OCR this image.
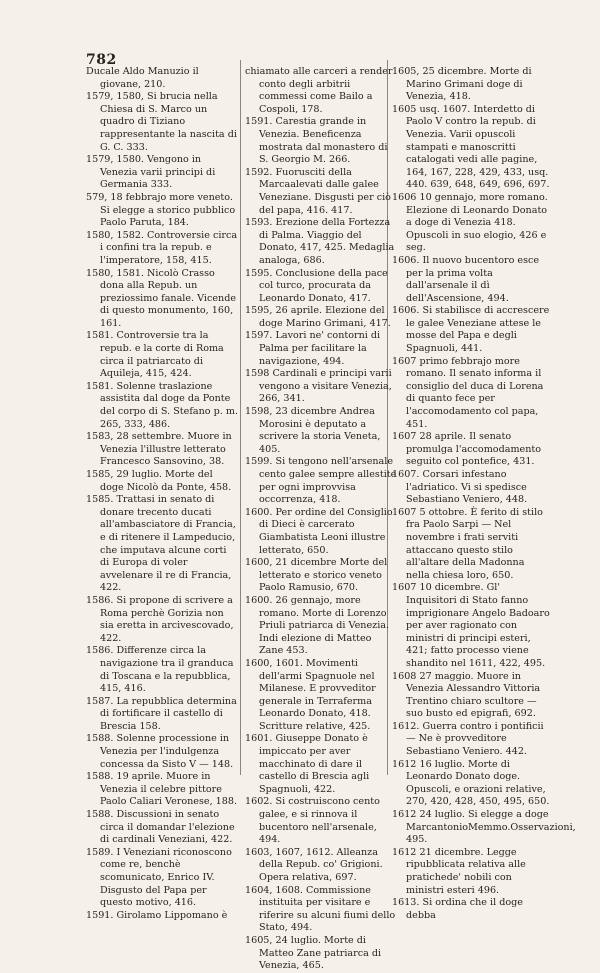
782

Ducale Aldo Manuzio il giovane, 210.

1579, 1580, Si brucia nella Chiesa di S. Marco un quadro di Tiziano rappresentante la nascita di G. C. 333.

1579, 1580. Vengono in Venezia varii principi di Germania 333.

579, 18 febbrajo more veneto. Si elegge a storico pubblico Paolo Paruta, 184.

1580, 1582. Controversie circa i confini tra la repub. e l'imperatore, 158, 415.

1580, 1581. Nicolò Crasso dona alla Repub. un preziossimo fanale. Vicende di questo monumento, 160, 161.

1581. Controversie tra la repub. e la corte di Roma circa il patriarcato di Aquileja, 415, 424.

1581. Solenne traslazione assistita dal doge da Ponte del corpo di S. Stefano p. m. 265, 333, 486.

1583, 28 settembre. Muore in Venezia l'illustre letterato Francesco Sansovino, 38.

1585, 29 luglio. Morte del doge Nicolò da Ponte, 458.

1585. Trattasi in senato di donare trecento ducati all'ambasciatore di Francia, e di ritenere il Lampeducio, che imputava alcune corti di Europa di voler avvelenare il re di Francia, 422.

1586. Si propone di scrivere a Roma perchè Gorizia non sia eretta in arcivescovado, 422.

1586. Differenze circa la navigazione tra il granduca di Toscana e la repubblica, 415, 416.

1587. La repubblica determina di fortificare il castello di Brescia 158.

1588. Solenne processione in Venezia per l'indulgenza concessa da Sisto V — 148.

1588. 19 aprile. Muore in Venezia il celebre pittore Paolo Caliari Veronese, 188.

1588. Discussioni in senato circa il domandar l'elezione di cardinali Veneziani, 422.

1589. I Veneziani riconoscono come re, benchè scomunicato, Enrico IV. Disgusto del Papa per questo motivo, 416.

1591. Girolamo Lippomano è

chiamato alle carceri a render conto degli arbitrii commessi come Bailo a Cospoli, 178.

1591. Carestia grande in Venezia. Beneficenza mostrata dal monastero di S. Georgio M. 266.

1592. Fuorusciti della Marcaalevati dalle galee Veneziane. Disgusti per ciò del papa, 416. 417.

1593. Erezione della Fortezza di Palma. Viaggio del Donato, 417, 425. Medaglia analoga, 686.

1595. Conclusione della pace col turco, procurata da Leonardo Donato, 417.

1595, 26 aprile. Elezione del doge Marino Grimani, 417.

1597. Lavori ne' contorni di Palma per facilitare la navigazione, 494.

1598 Cardinali e principi varii vengono a visitare Venezia, 266, 341.

1598, 23 dicembre Andrea Morosini è deputato a scrivere la storia Veneta, 405.

1599. Si tengono nell'arsenale cento galee sempre allestite per ogni improvvisa occorrenza, 418.

1600. Per ordine del Consiglio di Dieci è carcerato Giambatista Leoni illustre letterato, 650.

1600, 21 dicembre Morte del letterato e storico veneto Paolo Ramusio, 670.

1600. 26 gennajo, more romano. Morte di Lorenzo Priuli patriarca di Venezia. Indi elezione di Matteo Zane 453.

1600, 1601. Movimenti dell'armi Spagnuole nel Milanese. E provveditor generale in Terraferma Leonardo Donato, 418. Scritture relative, 425.

1601. Giuseppe Donato è impiccato per aver macchinato di dare il castello di Brescia agli Spagnuoli, 422.

1602. Si costruiscono cento galee, e si rinnova il bucentoro nell'arsenale, 494.

1603, 1607, 1612. Alleanza della Repub. co' Grigioni. Opera relativa, 697.

1604, 1608. Commissione instituita per visitare e riferire su alcuni fiumi dello Stato, 494.

1605, 24 luglio. Morte di Matteo Zane patriarca di Venezia, 465.

1605, 25 dicembre. Morte di Marino Grimani doge di Venezia, 418.

1605 usq. 1607. Interdetto di Paolo V contro la repub. di Venezia. Varii opuscoli stampati e manoscritti catalogati vedi alle pagine, 164, 167, 228, 429, 433, usq. 440. 639, 648, 649, 696, 697.

1606 10 gennajo, more romano. Elezione di Leonardo Donato a doge di Venezia 418. Opuscoli in suo elogio, 426 e seg.

1606. Il nuovo bucentoro esce per la prima volta dall'arsenale il dì dell'Ascensione, 494.

1606. Si stabilisce di accrescere le galee Veneziane attese le mosse del Papa e degli Spagnuoli, 441.

1607 primo febbrajo more romano. Il senato informa il consiglio del duca di Lorena di quanto fece per l'accomodamento col papa, 451.

1607 28 aprile. Il senato promulga l'accomodamento seguito col pontefice, 431.

1607. Corsari infestano l'adriatico. Vi si spedisce Sebastiano Veniero, 448.

1607 5 ottobre. È ferito di stilo fra Paolo Sarpi — Nel novembre i frati serviti attaccano questo stilo all'altare della Madonna nella chiesa loro, 650.

1607 10 dicembre. Gl' Inquisitori di Stato fanno imprigionare Angelo Badoaro per aver ragionato con ministri di principi esteri, 421; fatto processo viene shandito nel 1611, 422, 495.

1608 27 maggio. Muore in Venezia Alessandro Vittoria Trentino chiaro scultore — suo busto ed epigrafi, 692.

1612. Guerra contro i pontificii— Ne è provveditore Sebastiano Veniero. 442.

1612 16 luglio. Morte di Leonardo Donato doge. Opuscoli, e orazioni relative, 270, 420, 428, 450, 495, 650.

1612 24 luglio. Si elegge a doge MarcantonioMemmo.Osservazioni, 495.

1612 21 dicembre. Legge ripubblicata relativa alle pratichede' nobili con ministri esteri 496.

1613. Si ordina che il doge debba
